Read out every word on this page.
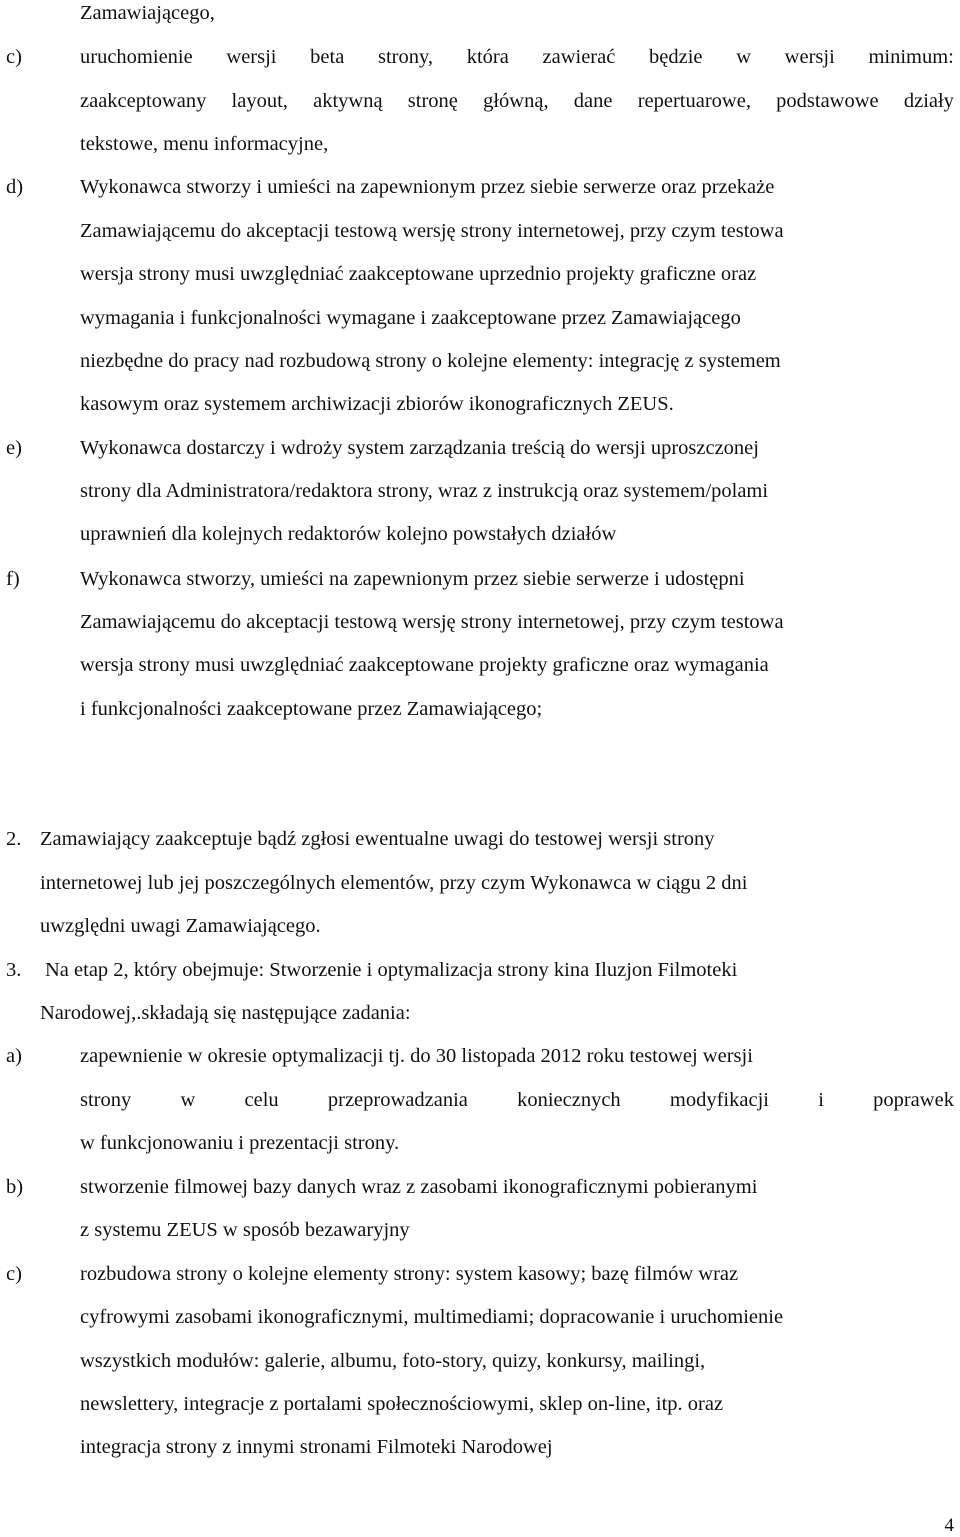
Zamawiającego,
c)	uruchomienie wersji beta strony, która zawierać będzie w wersji minimum:
zaakceptowany layout, aktywną stronę główną, dane repertuarowe, podstawowe działy
tekstowe, menu informacyjne,
d)	Wykonawca stworzy i umieści na zapewnionym przez siebie serwerze oraz przekaże
Zamawiającemu do akceptacji testową wersję strony internetowej, przy czym testowa
wersja strony musi uwzględniać zaakceptowane uprzednio projekty graficzne oraz
wymagania i funkcjonalności wymagane i zaakceptowane przez Zamawiającego
niezbędne do pracy nad rozbudową strony o kolejne elementy: integrację z systemem
kasowym oraz systemem archiwizacji zbiorów ikonograficznych ZEUS.
e)	Wykonawca dostarczy i wdroży system zarządzania treścią do wersji uproszczonej
strony dla Administratora/redaktora strony, wraz z instrukcją oraz systemem/polami
uprawnień dla kolejnych redaktorów kolejno powstałych działów
f)	Wykonawca stworzy, umieści na zapewnionym przez siebie serwerze i udostępni
Zamawiającemu do akceptacji testową wersję strony internetowej, przy czym testowa
wersja strony musi uwzględniać zaakceptowane projekty graficzne oraz wymagania
i funkcjonalności zaakceptowane przez Zamawiającego;
2. Zamawiający zaakceptuje bądź zgłosi ewentualne uwagi do testowej wersji strony
internetowej lub jej poszczególnych elementów, przy czym Wykonawca w ciągu 2 dni
uwzględni uwagi Zamawiającego.
3. Na etap 2, który obejmuje: Stworzenie i optymalizacja strony kina Iluzjon Filmoteki
Narodowej,.składają się następujące zadania:
a)	zapewnienie w okresie optymalizacji tj. do 30 listopada 2012 roku testowej wersji
strony w celu przeprowadzania koniecznych modyfikacji i poprawek
w funkcjonowaniu i prezentacji strony.
b)	stworzenie filmowej bazy danych wraz z zasobami ikonograficznymi pobieranymi
z systemu ZEUS w sposób bezawaryjny
c)	rozbudowa strony o kolejne elementy strony: system kasowy; bazę filmów wraz
cyfrowymi zasobami ikonograficznymi, multimediami; dopracowanie i uruchomienie
wszystkich modułów: galerie, albumu, foto-story, quizy, konkursy, mailingi,
newslettery, integracje z portalami społecznościowymi, sklep on-line, itp. oraz
integracja strony z innymi stronami Filmoteki Narodowej
4
